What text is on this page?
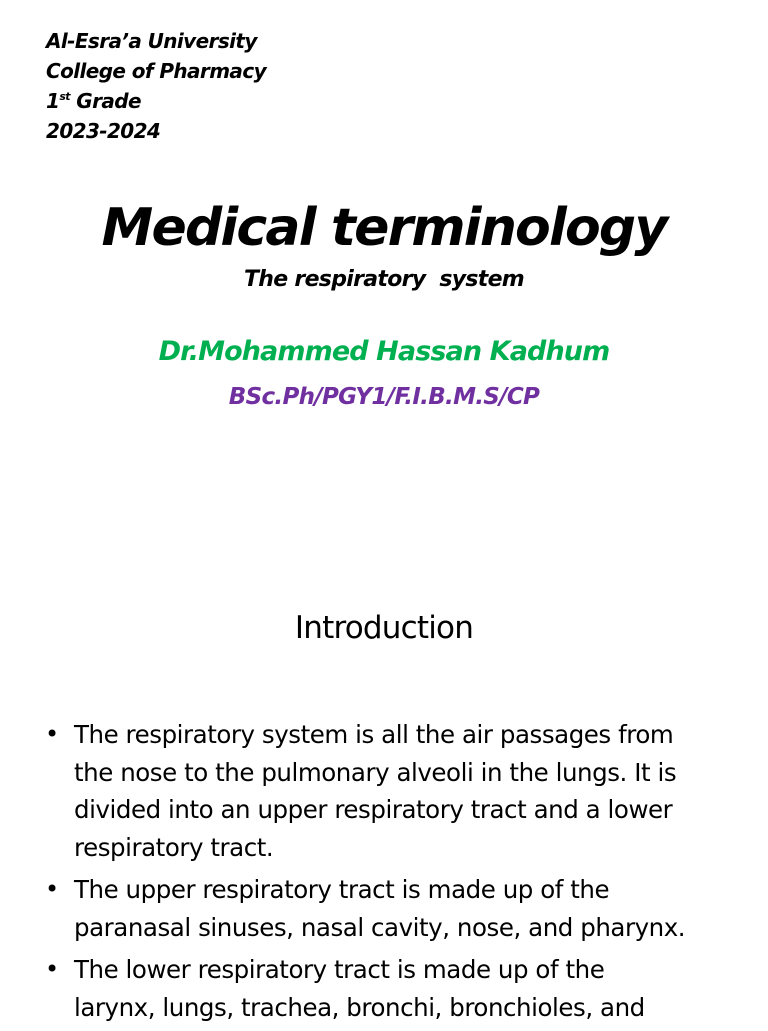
Al-Esra’a University
College of Pharmacy
1st Grade
2023-2024
Medical terminology
The respiratory  system
Dr.Mohammed Hassan Kadhum
BSc.Ph/PGY1/F.I.B.M.S/CP
Introduction
• The respiratory system is all the air passages from
the nose to the pulmonary alveoli in the lungs. It is
divided into an upper respiratory tract and a lower
respiratory tract.
• The upper respiratory tract is made up of the
paranasal sinuses, nasal cavity, nose, and pharynx.
• The lower respiratory tract is made up of the
larynx, lungs, trachea, bronchi, bronchioles, and
